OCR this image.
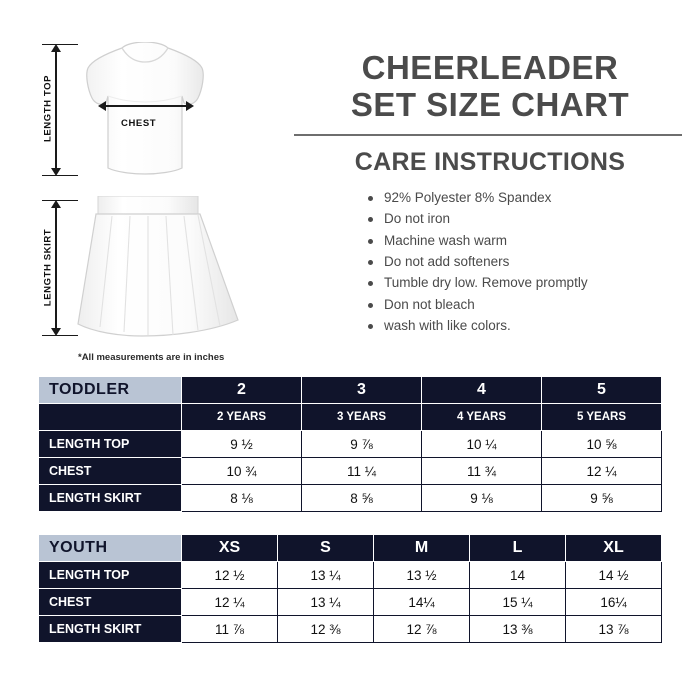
LENGTH TOP	CHEST
LENGTH SKIRT
*All measurements are in inches
CHEERLEADER
SET SIZE CHART
CARE INSTRUCTIONS
92% Polyester 8% Spandex
Do not iron
Machine wash warm
Do not add softeners
Tumble dry low. Remove promptly
Don not bleach
wash with like colors.
TODDLER	2	3	4	5
	2 YEARS	3 YEARS	4 YEARS	5 YEARS
LENGTH TOP	9 ½	9 ⅞	10 ¼	10 ⅝
CHEST	10 ¾	11 ¼	11 ¾	12 ¼
LENGTH SKIRT	8 ⅛	8 ⅝	9 ⅛	9 ⅝
YOUTH	XS	S	M	L	XL
LENGTH TOP	12 ½	13 ¼	13 ½	14	14 ½
CHEST	12 ¼	13 ¼	14¼	15 ¼	16¼
LENGTH SKIRT	11 ⅞	12 ⅜	12 ⅞	13 ⅜	13 ⅞
